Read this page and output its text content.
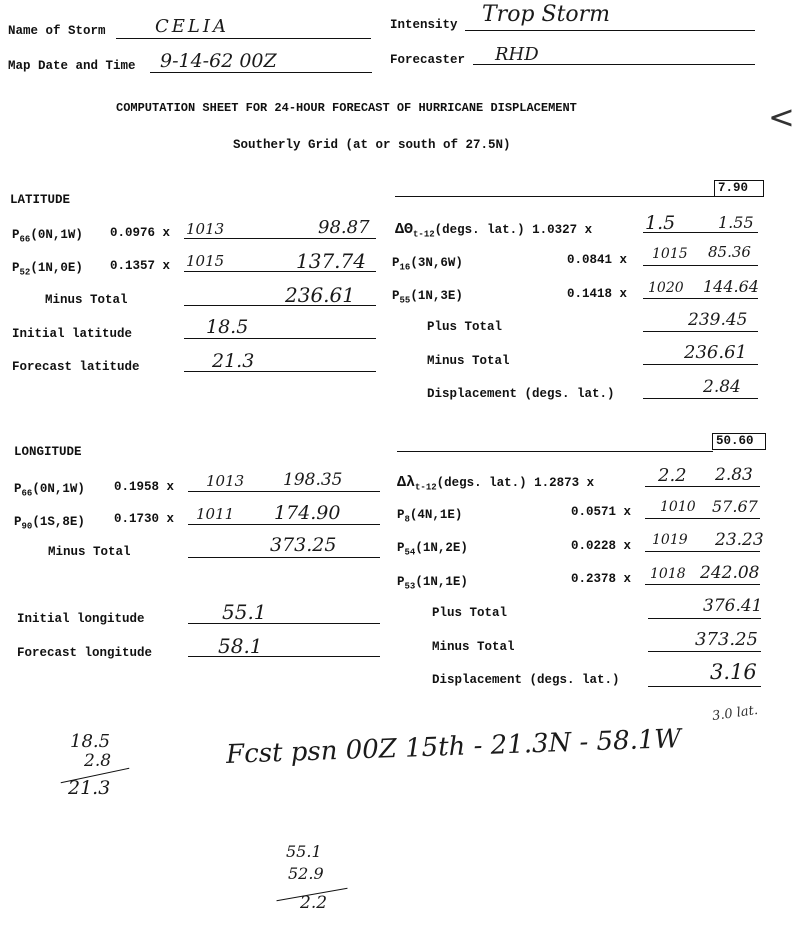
Name of Storm	CELIA	Intensity Trop Storm
Map Date and Time 9-14-62 00Z	Forecaster RHD
COMPUTATION SHEET FOR 24-HOUR FORECAST OF HURRICANE DISPLACEMENT
Southerly Grid (at or south of 27.5N)
<
LATITUDE
7.90
$P_{66}(0N,1W)$ 0.0976 x 1013	98.87
$P_{52}(1N,0E)$ 0.1357 x 1015	137.74
Minus Total	236.61
Initial latitude	18.5
Forecast latitude	21.3
$\Delta\Theta_{t-12}(degs$. lat.) 1.0327 x	1.5	1.55
$P_{16}(3N,6W)$	0.0841 x 1015 85.36
$P_{55}(1N,3E)$	0.1418 x 1020 144.64
Plus Total	239.45
Minus Total	236.61
Displacement (degs. lat.)	2.84
LONGITUDE
50.60
$P_{66}(0N,1W)$ 0.1958 x 1013 198.35
$P_{90}(1S,8E)$ 0.1730 x 1011 174.90
Minus Total	373.25
Initial longitude	55.1
Forecast longitude	58.1
$\Delta\lambda_{t-12}(degs$. lat.) 1.2873 x	2.2 2.83
$P_8(4N,1E)$	0.0571 x 1010 57.67
$P_{54}(1N,2E)$	0.0228 x 1019 23.23
$P_{53}(1N,1E)$	0.2378 x 1018 242.08
Plus Total	376.41
Minus Total	373.25
Displacement (degs. lat.)	3.16
3.0 lat.
Fcst psn 00Z 15th - 21.3N - 58.1W
18.5
2.8
21.3
55.1
52.9
2.2
